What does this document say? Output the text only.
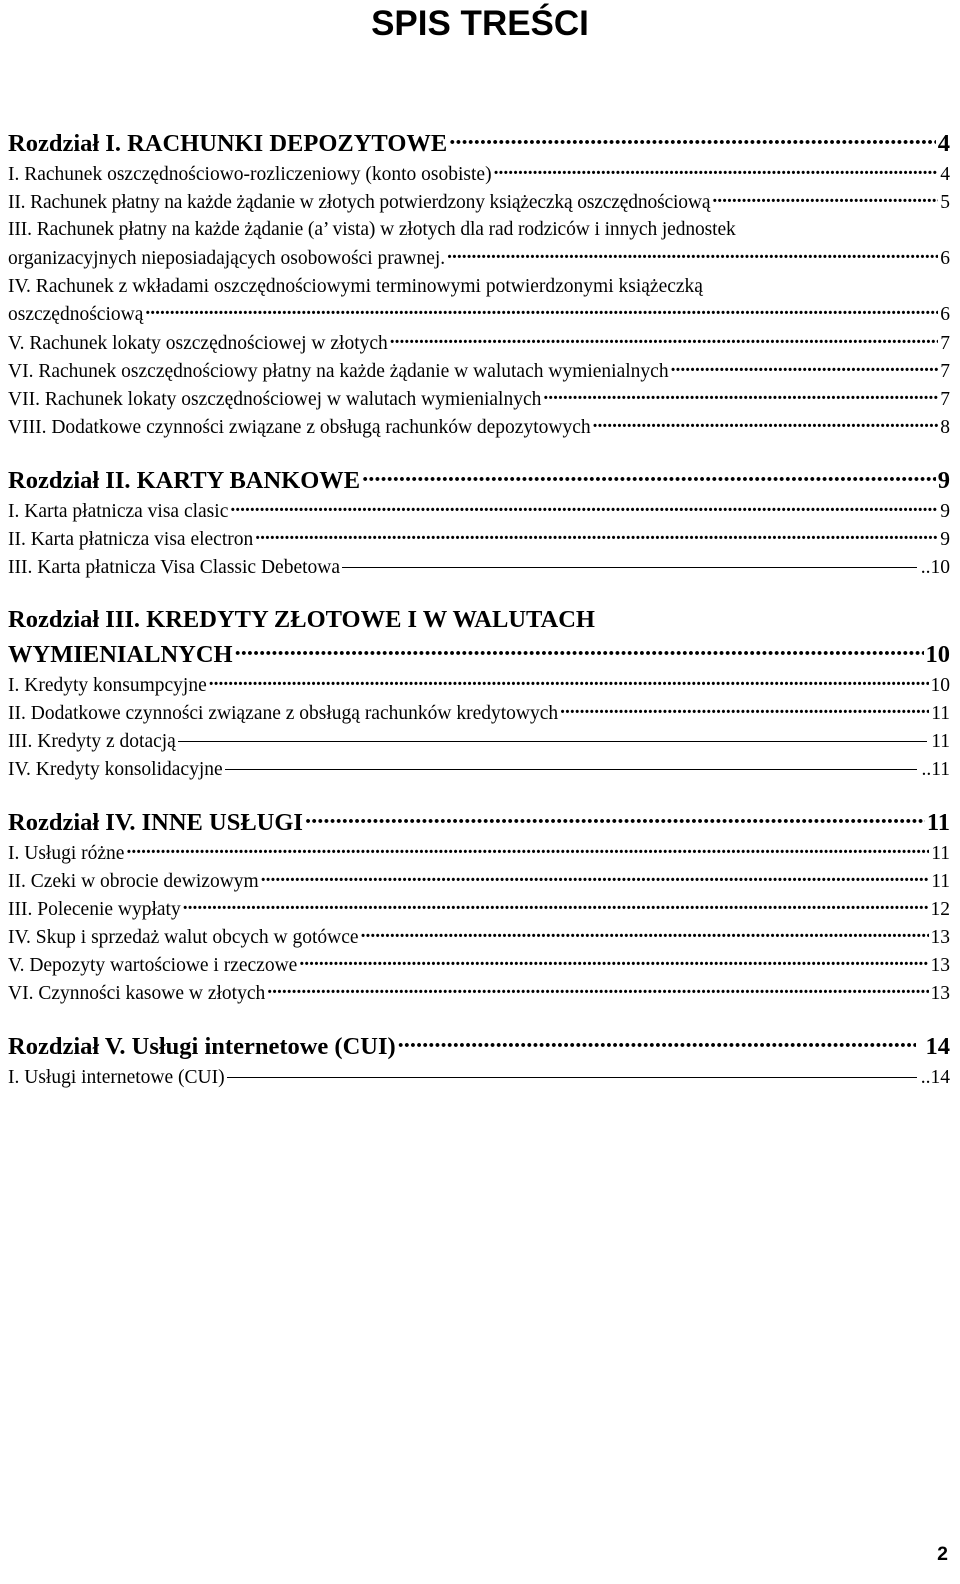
SPIS TREŚCI
Rozdział I. RACHUNKI DEPOZYTOWE .....	4
I. Rachunek oszczędnościowo-rozliczeniowy (konto osobiste) .....	4
II. Rachunek płatny na każde żądanie w złotych potwierdzony książeczką oszczędnościową .....	5
III. Rachunek płatny na każde żądanie (a’ vista) w złotych dla rad rodziców i innych jednostek
organizacyjnych nieposiadających osobowości prawnej. .....	6
IV. Rachunek z wkładami oszczędnościowymi terminowymi potwierdzonymi książeczką
oszczędnościową .....	6
V. Rachunek lokaty oszczędnościowej w złotych .....	7
VI. Rachunek oszczędnościowy płatny na każde żądanie w walutach wymienialnych .....	7
VII. Rachunek lokaty oszczędnościowej w walutach wymienialnych .....	7
VIII. Dodatkowe czynności związane z obsługą rachunków depozytowych .....	8
Rozdział II. KARTY BANKOWE .....	9
I. Karta płatnicza visa clasic .....	9
II. Karta płatnicza visa electron .....	9
III. Karta płatnicza Visa Classic Debetowa	..10
Rozdział III. KREDYTY ZŁOTOWE I W WALUTACH
WYMIENIALNYCH .....	10
I. Kredyty konsumpcyjne .....	10
II. Dodatkowe czynności związane z obsługą rachunków kredytowych .....	11
III. Kredyty z dotacją	11
IV. Kredyty konsolidacyjne	..11
Rozdział IV. INNE USŁUGI .....	11
I. Usługi różne .....	11
II. Czeki w obrocie dewizowym .....	11
III. Polecenie wypłaty .....	12
IV. Skup i sprzedaż walut obcych w gotówce .....	13
V. Depozyty wartościowe i rzeczowe .....	13
VI. Czynności kasowe w złotych .....	13
Rozdział V. Usługi internetowe (CUI) .....	14
I. Usługi internetowe (CUI)	..14
2
